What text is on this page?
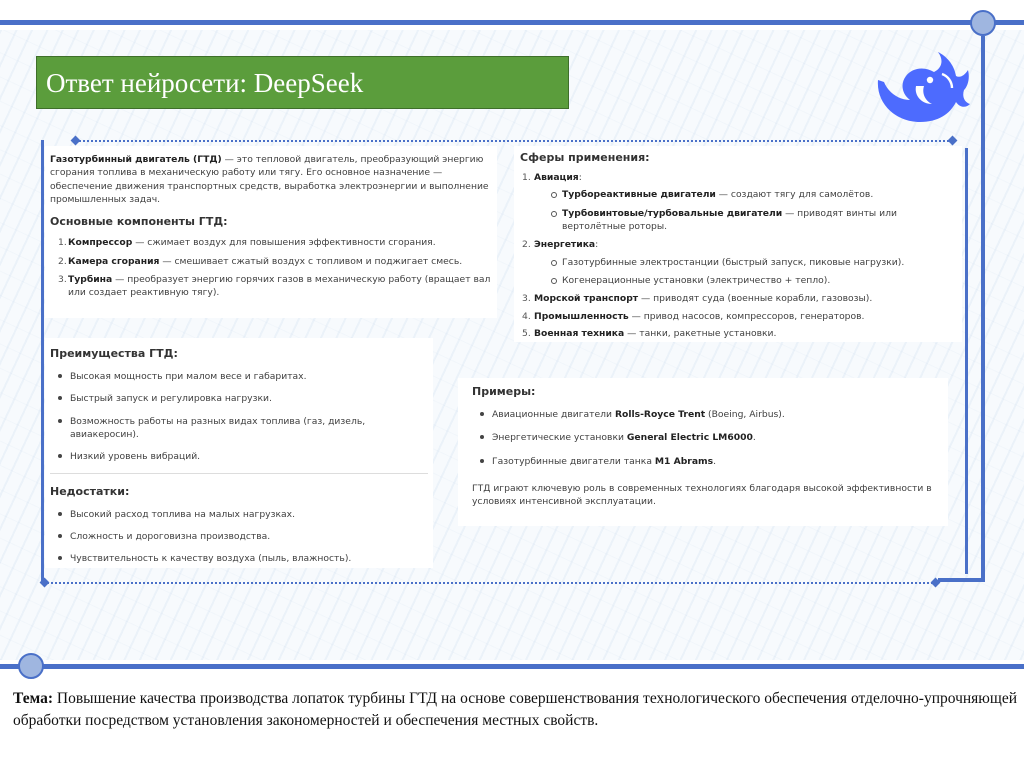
Ответ нейросети: DeepSeek

Газотурбинный двигатель (ГТД) — это тепловой двигатель, преобразующий энергию сгорания топлива в механическую работу или тягу. Его основное назначение — обеспечение движения транспортных средств, выработка электроэнергии и выполнение промышленных задач.

Основные компоненты ГТД:
1. Компрессор — сжимает воздух для повышения эффективности сгорания.
2. Камера сгорания — смешивает сжатый воздух с топливом и поджигает смесь.
3. Турбина — преобразует энергию горячих газов в механическую работу (вращает вал или создает реактивную тягу).
Сферы применения:
1. Авиация:
Турбореактивные двигатели — создают тягу для самолётов.
Турбовинтовые/турбовальные двигатели — приводят винты или вертолётные роторы.
2. Энергетика:
Газотурбинные электростанции (быстрый запуск, пиковые нагрузки).
Когенерационные установки (электричество + тепло).
3. Морской транспорт — приводят суда (военные корабли, газовозы).
4. Промышленность — привод насосов, компрессоров, генераторов.
5. Военная техника — танки, ракетные установки.
Преимущества ГТД:
Высокая мощность при малом весе и габаритах.
Быстрый запуск и регулировка нагрузки.
Возможность работы на разных видах топлива (газ, дизель, авиакеросин).
Низкий уровень вибраций.
Недостатки:
Высокий расход топлива на малых нагрузках.
Сложность и дороговизна производства.
Чувствительность к качеству воздуха (пыль, влажность).
Примеры:
Авиационные двигатели Rolls-Royce Trent (Boeing, Airbus).
Энергетические установки General Electric LM6000.
Газотурбинные двигатели танка M1 Abrams.

ГТД играют ключевую роль в современных технологиях благодаря высокой эффективности в условиях интенсивной эксплуатации.

Тема: Повышение качества производства лопаток турбины ГТД на основе совершенствования технологического обеспечения отделочно-упрочняющей обработки посредством установления закономерностей и обеспечения местных свойств.
